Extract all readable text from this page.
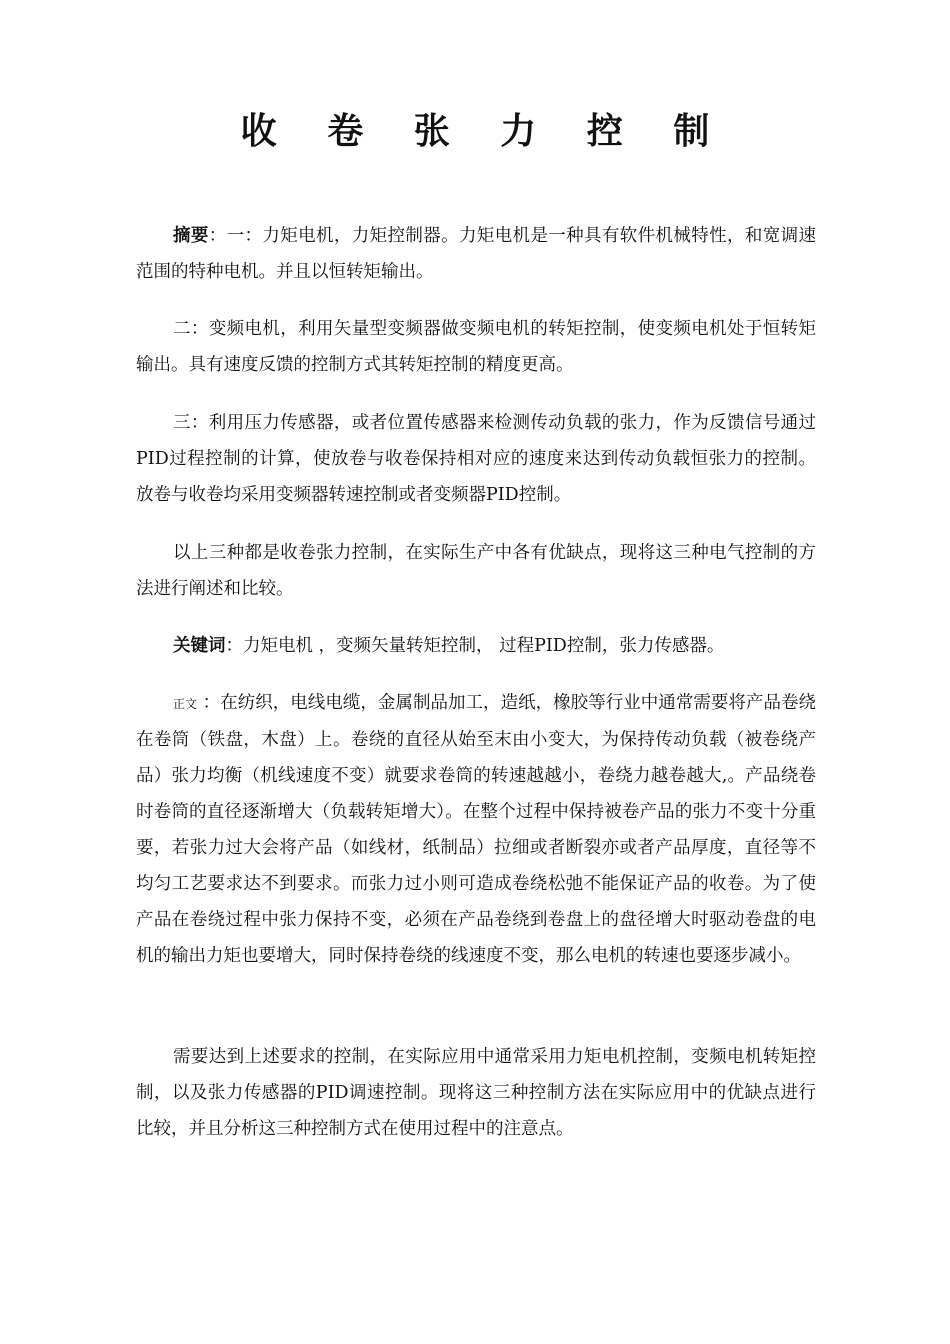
收 卷 张 力 控 制

摘要：一：力矩电机，力矩控制器。力矩电机是一种具有软件机械特性，和宽调速范围的特种电机。并且以恒转矩输出。

二：变频电机，利用矢量型变频器做变频电机的转矩控制，使变频电机处于恒转矩输出。具有速度反馈的控制方式其转矩控制的精度更高。

三：利用压力传感器，或者位置传感器来检测传动负载的张力，作为反馈信号通过PID过程控制的计算，使放卷与收卷保持相对应的速度来达到传动负载恒张力的控制。放卷与收卷均采用变频器转速控制或者变频器PID控制。

以上三种都是收卷张力控制，在实际生产中各有优缺点，现将这三种电气控制的方法进行阐述和比较。

关键词：力矩电机 ，变频矢量转矩控制， 过程PID控制，张力传感器。

正文 ：在纺织，电线电缆，金属制品加工，造纸，橡胶等行业中通常需要将产品卷绕在卷筒（铁盘，木盘）上。卷绕的直径从始至末由小变大，为保持传动负载（被卷绕产品）张力均衡（机线速度不变）就要求卷筒的转速越越小，卷绕力越卷越大,。产品绕卷时卷筒的直径逐渐增大（负载转矩增大）。在整个过程中保持被卷产品的张力不变十分重要，若张力过大会将产品（如线材，纸制品）拉细或者断裂亦或者产品厚度，直径等不均匀工艺要求达不到要求。而张力过小则可造成卷绕松弛不能保证产品的收卷。为了使产品在卷绕过程中张力保持不变，必须在产品卷绕到卷盘上的盘径增大时驱动卷盘的电机的输出力矩也要增大，同时保持卷绕的线速度不变，那么电机的转速也要逐步减小。

需要达到上述要求的控制，在实际应用中通常采用力矩电机控制，变频电机转矩控制，以及张力传感器的PID调速控制。现将这三种控制方法在实际应用中的优缺点进行比较，并且分析这三种控制方式在使用过程中的注意点。
